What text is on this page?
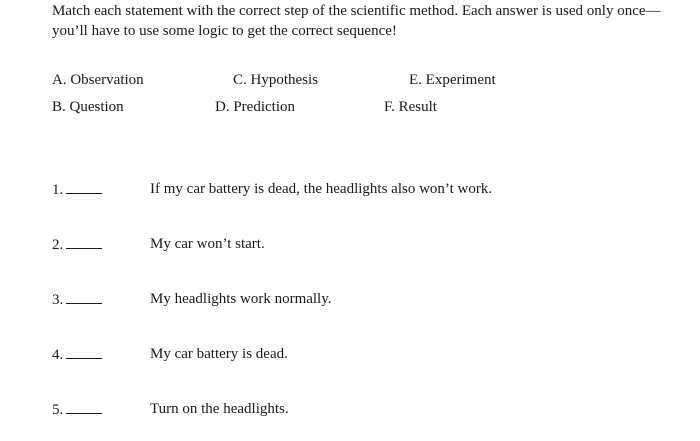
Match each statement with the correct step of the scientific method. Each answer is used only once—you’ll have to use some logic to get the correct sequence!

A. Observation	C. Hypothesis	E. Experiment
B. Question	D. Prediction	F. Result
1.	If my car battery is dead, the headlights also won’t work.
2.	My car won’t start.
3.	My headlights work normally.
4.	My car battery is dead.
5.	Turn on the headlights.
